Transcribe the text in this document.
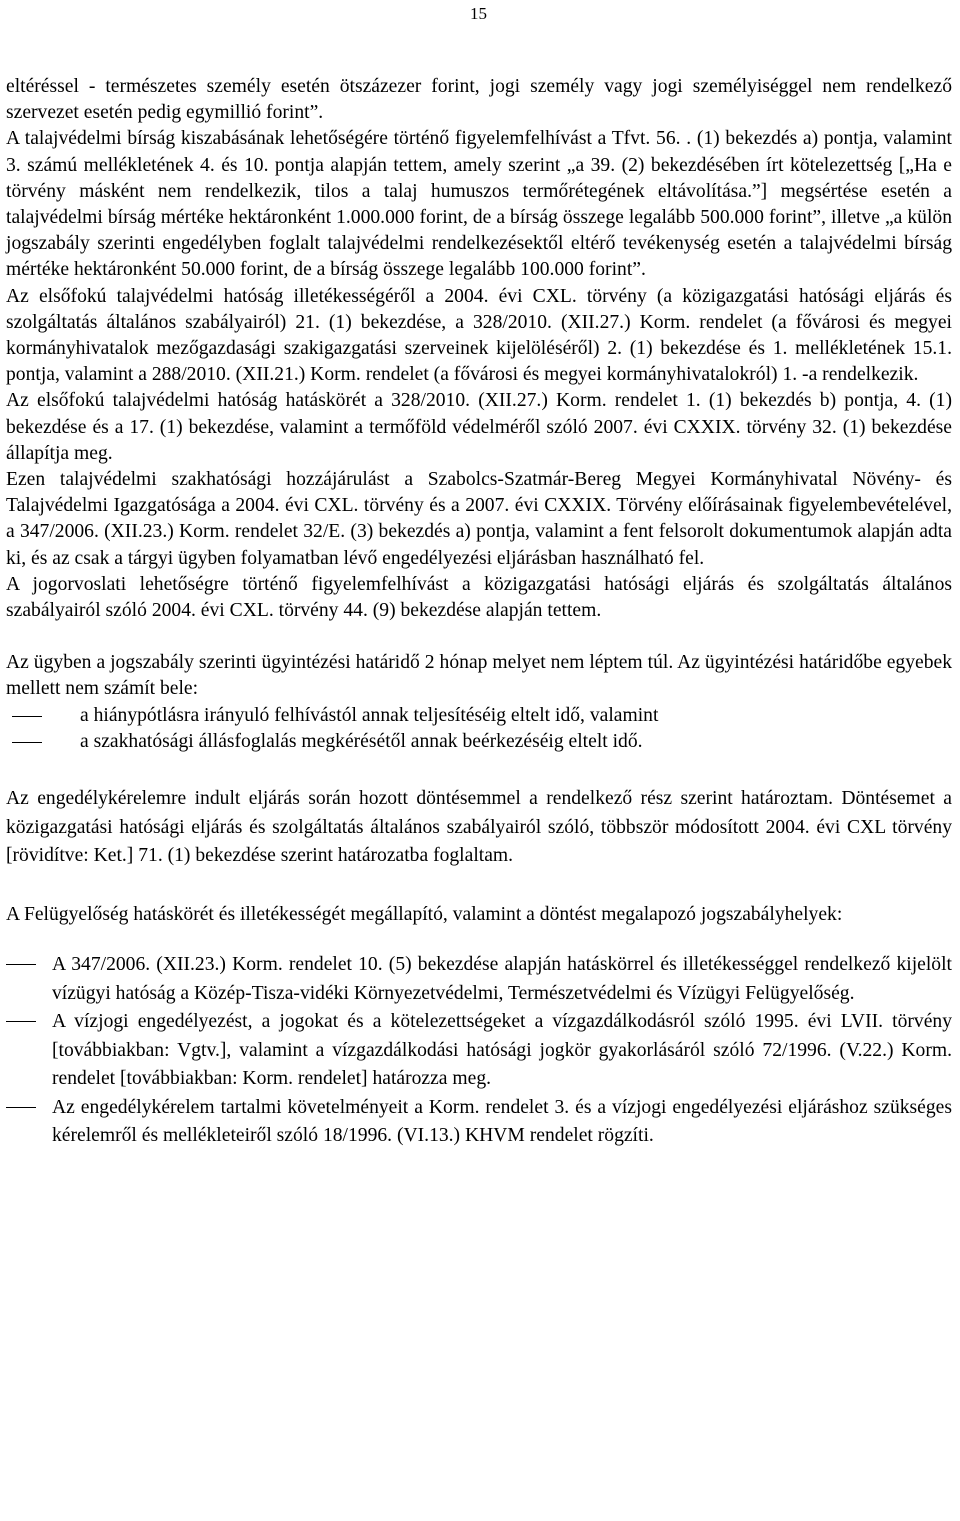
15

eltéréssel - természetes személy esetén ötszázezer forint, jogi személy vagy jogi személyiséggel nem rendelkező szervezet esetén pedig egymillió forint”.

A talajvédelmi bírság kiszabásának lehetőségére történő figyelemfelhívást a Tfvt. 56. . (1) bekezdés a) pontja, valamint 3. számú mellékletének 4. és 10. pontja alapján tettem, amely szerint „a 39. (2) bekezdésében írt kötelezettség [„Ha e törvény másként nem rendelkezik, tilos a talaj humuszos termőrétegének eltávolítása.”] megsértése esetén a talajvédelmi bírság mértéke hektáronként 1.000.000 forint, de a bírság összege legalább 500.000 forint”, illetve „a külön jogszabály szerinti engedélyben foglalt talajvédelmi rendelkezésektől eltérő tevékenység esetén a talajvédelmi bírság mértéke hektáronként 50.000 forint, de a bírság összege legalább 100.000 forint”.

Az elsőfokú talajvédelmi hatóság illetékességéről a 2004. évi CXL. törvény (a közigazgatási hatósági eljárás és szolgáltatás általános szabályairól) 21. (1) bekezdése, a 328/2010. (XII.27.) Korm. rendelet (a fővárosi és megyei kormányhivatalok mezőgazdasági szakigazgatási szerveinek kijelöléséről) 2. (1) bekezdése és 1. mellékletének 15.1. pontja, valamint a 288/2010. (XII.21.) Korm. rendelet (a fővárosi és megyei kormányhivatalokról) 1. -a rendelkezik.

Az elsőfokú talajvédelmi hatóság hatáskörét a 328/2010. (XII.27.) Korm. rendelet 1. (1) bekezdés b) pontja, 4. (1) bekezdése és a 17. (1) bekezdése, valamint a termőföld védelméről szóló 2007. évi CXXIX. törvény 32. (1) bekezdése állapítja meg.

Ezen talajvédelmi szakhatósági hozzájárulást a Szabolcs-Szatmár-Bereg Megyei Kormányhivatal Növény- és Talajvédelmi Igazgatósága a 2004. évi CXL. törvény és a 2007. évi CXXIX. Törvény előírásainak figyelembevételével, a 347/2006. (XII.23.) Korm. rendelet 32/E. (3) bekezdés a) pontja, valamint a fent felsorolt dokumentumok alapján adta ki, és az csak a tárgyi ügyben folyamatban lévő engedélyezési eljárásban használható fel.

A jogorvoslati lehetőségre történő figyelemfelhívást a közigazgatási hatósági eljárás és szolgáltatás általános szabályairól szóló 2004. évi CXL. törvény 44. (9) bekezdése alapján tettem.

Az ügyben a jogszabály szerinti ügyintézési határidő 2 hónap melyet nem léptem túl. Az ügyintézési határidőbe egyebek mellett nem számít bele:

a hiánypótlásra irányuló felhívástól annak teljesítéséig eltelt idő, valamint
a szakhatósági állásfoglalás megkérésétől annak beérkezéséig eltelt idő.

Az engedélykérelemre indult eljárás során hozott döntésemmel a rendelkező rész szerint határoztam. Döntésemet a közigazgatási hatósági eljárás és szolgáltatás általános szabályairól szóló, többször módosított 2004. évi CXL törvény [rövidítve: Ket.] 71. (1) bekezdése szerint határozatba foglaltam.

A Felügyelőség hatáskörét és illetékességét megállapító, valamint a döntést megalapozó jogszabályhelyek:

A 347/2006. (XII.23.) Korm. rendelet 10. (5) bekezdése alapján hatáskörrel és illetékességgel rendelkező kijelölt vízügyi hatóság a Közép-Tisza-vidéki Környezetvédelmi, Természetvédelmi és Vízügyi Felügyelőség.
A vízjogi engedélyezést, a jogokat és a kötelezettségeket a vízgazdálkodásról szóló 1995. évi LVII. törvény [továbbiakban: Vgtv.], valamint a vízgazdálkodási hatósági jogkör gyakorlásáról szóló 72/1996. (V.22.) Korm. rendelet [továbbiakban: Korm. rendelet] határozza meg.
Az engedélykérelem tartalmi követelményeit a Korm. rendelet 3. és a vízjogi engedélyezési eljáráshoz szükséges kérelemről és mellékleteiről szóló 18/1996. (VI.13.) KHVM rendelet rögzíti.
